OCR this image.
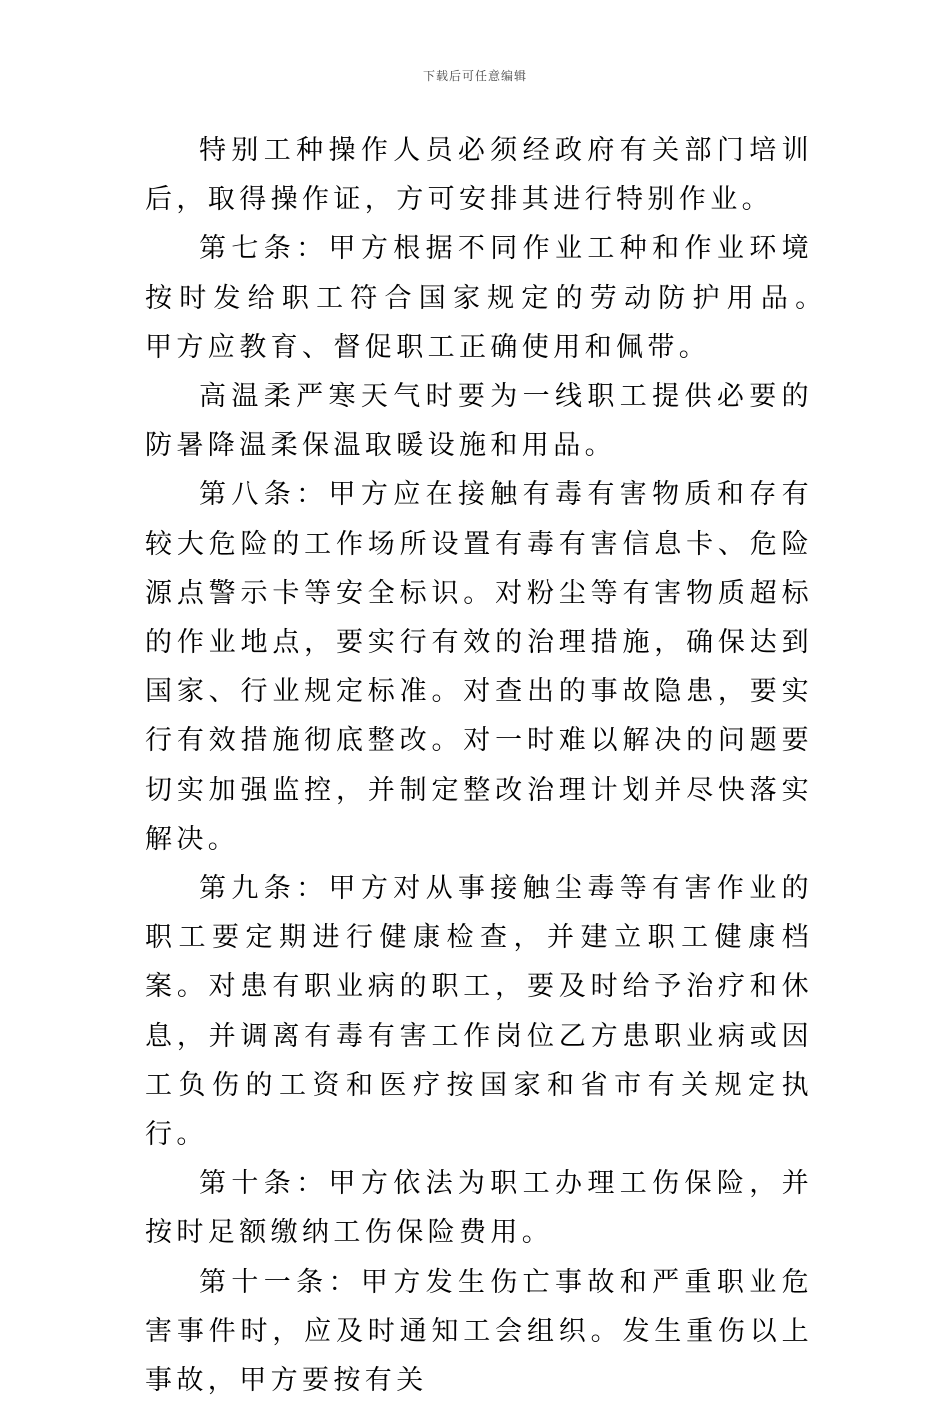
下载后可任意编辑

特别工种操作人员必须经政府有关部门培训后，取得操作证，方可安排其进行特别作业。

第七条：甲方根据不同作业工种和作业环境按时发给职工符合国家规定的劳动防护用品。　甲方应教育、督促职工正确使用和佩带。

高温柔严寒天气时要为一线职工提供必要的防暑降温柔保温取暖设施和用品。

第八条：甲方应在接触有毒有害物质和存有较大危险的工作场所设置有毒有害信息卡、危险源点警示卡等安全标识。对粉尘等有害物质超标的作业地点，要实行有效的治理措施，确保达到国家、行业规定标准。对查出的事故隐患，要实行有效措施彻底整改。对一时难以解决的问题要切实加强监控，并制定整改治理计划并尽快落实解决。

第九条：甲方对从事接触尘毒等有害作业的职工要定期进行健康检查，并建立职工健康档案。对患有职业病的职工，要及时给予治疗和休息，并调离有毒有害工作岗位乙方患职业病或因工负伤的工资和医疗按国家和省市有关规定执行。

第十条：甲方依法为职工办理工伤保险，并按时足额缴纳工伤保险费用。

第十一条：甲方发生伤亡事故和严重职业危害事件时，应及时通知工会组织。发生重伤以上事故，甲方要按有关
